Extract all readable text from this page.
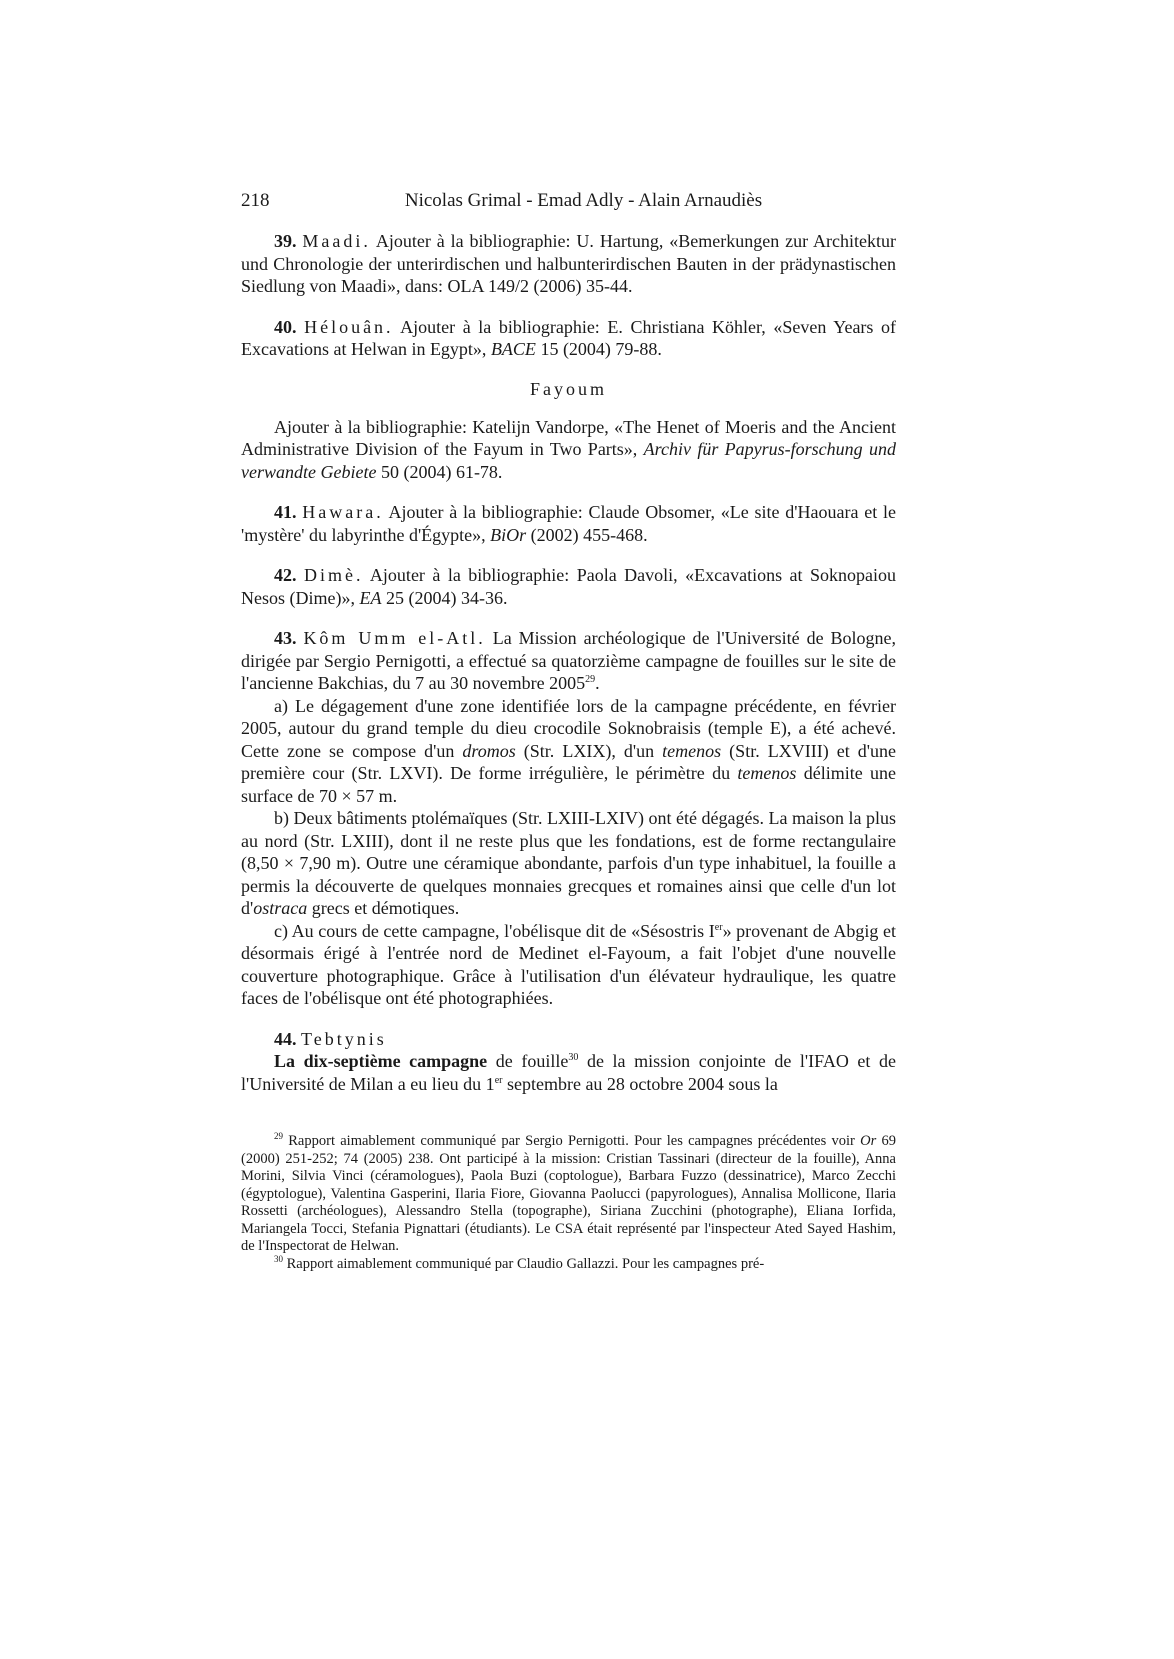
218	Nicolas Grimal - Emad Adly - Alain Arnaudiès

39. Maadi. Ajouter à la bibliographie: U. Hartung, «Bemerkungen zur Architektur und Chronologie der unterirdischen und halbunterirdischen Bauten in der prädynastischen Siedlung von Maadi», dans: OLA 149/2 (2006) 35-44.

40. Hélouân. Ajouter à la bibliographie: E. Christiana Köhler, «Seven Years of Excavations at Helwan in Egypt», BACE 15 (2004) 79-88.

Fayoum

Ajouter à la bibliographie: Katelijn Vandorpe, «The Henet of Moeris and the Ancient Administrative Division of the Fayum in Two Parts», Archiv für Papyrus-forschung und verwandte Gebiete 50 (2004) 61-78.

41. Hawara. Ajouter à la bibliographie: Claude Obsomer, «Le site d'Haouara et le 'mystère' du labyrinthe d'Égypte», BiOr (2002) 455-468.

42. Dimè. Ajouter à la bibliographie: Paola Davoli, «Excavations at Soknopaiou Nesos (Dime)», EA 25 (2004) 34-36.

43. Kôm Umm el-Atl. La Mission archéologique de l'Université de Bologne, dirigée par Sergio Pernigotti, a effectué sa quatorzième campagne de fouilles sur le site de l'ancienne Bakchias, du 7 au 30 novembre 2005$^{29}$.

a) Le dégagement d'une zone identifiée lors de la campagne précédente, en février 2005, autour du grand temple du dieu crocodile Soknobraisis (temple E), a été achevé. Cette zone se compose d'un dromos (Str. LXIX), d'un temenos (Str. LXVIII) et d'une première cour (Str. LXVI). De forme irrégulière, le périmètre du temenos délimite une surface de 70 × 57 m.

b) Deux bâtiments ptolémaïques (Str. LXIII-LXIV) ont été dégagés. La maison la plus au nord (Str. LXIII), dont il ne reste plus que les fondations, est de forme rectangulaire (8,50 × 7,90 m). Outre une céramique abondante, parfois d'un type inhabituel, la fouille a permis la découverte de quelques monnaies grecques et romaines ainsi que celle d'un lot d'ostraca grecs et démotiques.

c) Au cours de cette campagne, l'obélisque dit de «Sésostris Ier» provenant de Abgig et désormais érigé à l'entrée nord de Medinet el-Fayoum, a fait l'objet d'une nouvelle couverture photographique. Grâce à l'utilisation d'un élévateur hydraulique, les quatre faces de l'obélisque ont été photographiées.

44. Tebtynis

La dix-septième campagne de fouille$^{30}$ de la mission conjointe de l'IFAO et de l'Université de Milan a eu lieu du 1er septembre au 28 octobre 2004 sous la

$^{29}$ Rapport aimablement communiqué par Sergio Pernigotti. Pour les campagnes précédentes voir Or 69 (2000) 251-252; 74 (2005) 238. Ont participé à la mission: Cristian Tassinari (directeur de la fouille), Anna Morini, Silvia Vinci (céramologues), Paola Buzi (coptologue), Barbara Fuzzo (dessinatrice), Marco Zecchi (égyptologue), Valentina Gasperini, Ilaria Fiore, Giovanna Paolucci (papyrologues), Annalisa Mollicone, Ilaria Rossetti (archéologues), Alessandro Stella (topographe), Siriana Zucchini (photographe), Eliana Iorfida, Mariangela Tocci, Stefania Pignattari (étudiants). Le CSA était représenté par l'inspecteur Ated Sayed Hashim, de l'Inspectorat de Helwan.

$^{30}$ Rapport aimablement communiqué par Claudio Gallazzi. Pour les campagnes pré-
